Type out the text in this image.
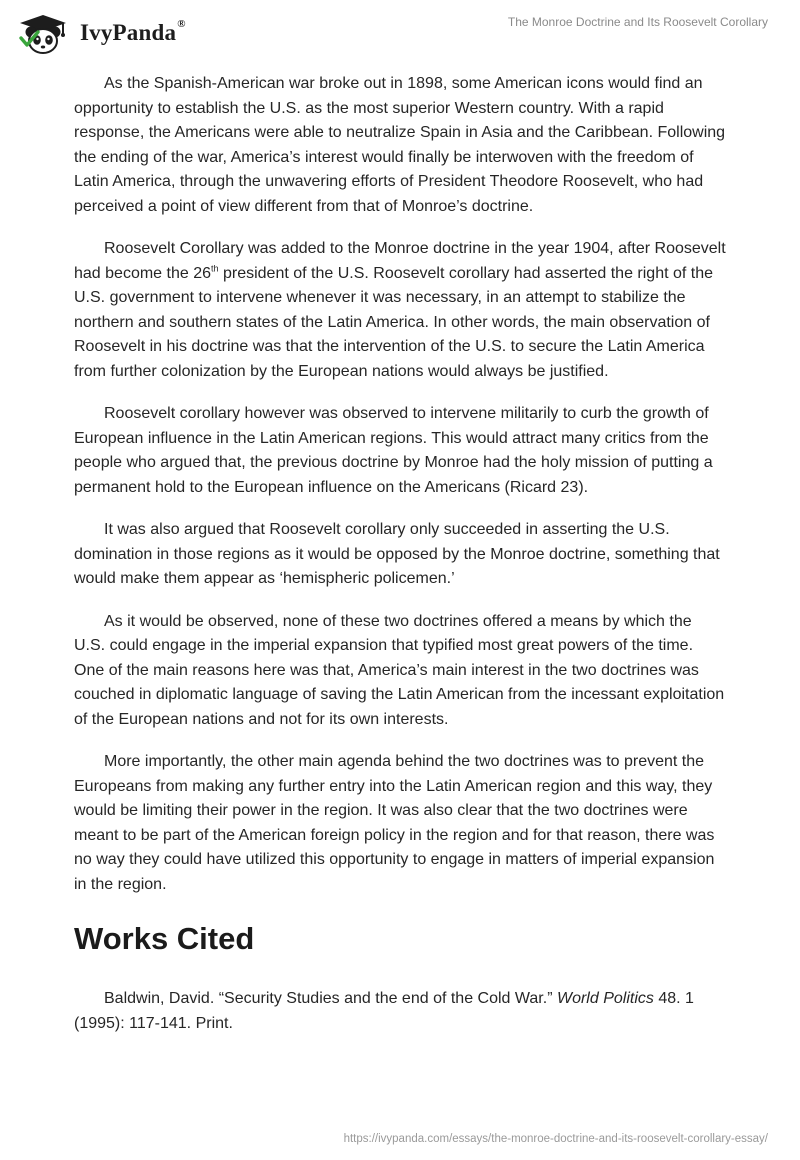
IvyPanda®	The Monroe Doctrine and Its Roosevelt Corollary

As the Spanish-American war broke out in 1898, some American icons would find an opportunity to establish the U.S. as the most superior Western country. With a rapid response, the Americans were able to neutralize Spain in Asia and the Caribbean. Following the ending of the war, America’s interest would finally be interwoven with the freedom of Latin America, through the unwavering efforts of President Theodore Roosevelt, who had perceived a point of view different from that of Monroe’s doctrine.

Roosevelt Corollary was added to the Monroe doctrine in the year 1904, after Roosevelt had become the 26th president of the U.S. Roosevelt corollary had asserted the right of the U.S. government to intervene whenever it was necessary, in an attempt to stabilize the northern and southern states of the Latin America. In other words, the main observation of Roosevelt in his doctrine was that the intervention of the U.S. to secure the Latin America from further colonization by the European nations would always be justified.

Roosevelt corollary however was observed to intervene militarily to curb the growth of European influence in the Latin American regions. This would attract many critics from the people who argued that, the previous doctrine by Monroe had the holy mission of putting a permanent hold to the European influence on the Americans (Ricard 23).

It was also argued that Roosevelt corollary only succeeded in asserting the U.S. domination in those regions as it would be opposed by the Monroe doctrine, something that would make them appear as ‘hemispheric policemen.’

As it would be observed, none of these two doctrines offered a means by which the U.S. could engage in the imperial expansion that typified most great powers of the time. One of the main reasons here was that, America’s main interest in the two doctrines was couched in diplomatic language of saving the Latin American from the incessant exploitation of the European nations and not for its own interests.

More importantly, the other main agenda behind the two doctrines was to prevent the Europeans from making any further entry into the Latin American region and this way, they would be limiting their power in the region. It was also clear that the two doctrines were meant to be part of the American foreign policy in the region and for that reason, there was no way they could have utilized this opportunity to engage in matters of imperial expansion in the region.

Works Cited

Baldwin, David. “Security Studies and the end of the Cold War.” World Politics 48. 1 (1995): 117-141. Print.

https://ivypanda.com/essays/the-monroe-doctrine-and-its-roosevelt-corollary-essay/
